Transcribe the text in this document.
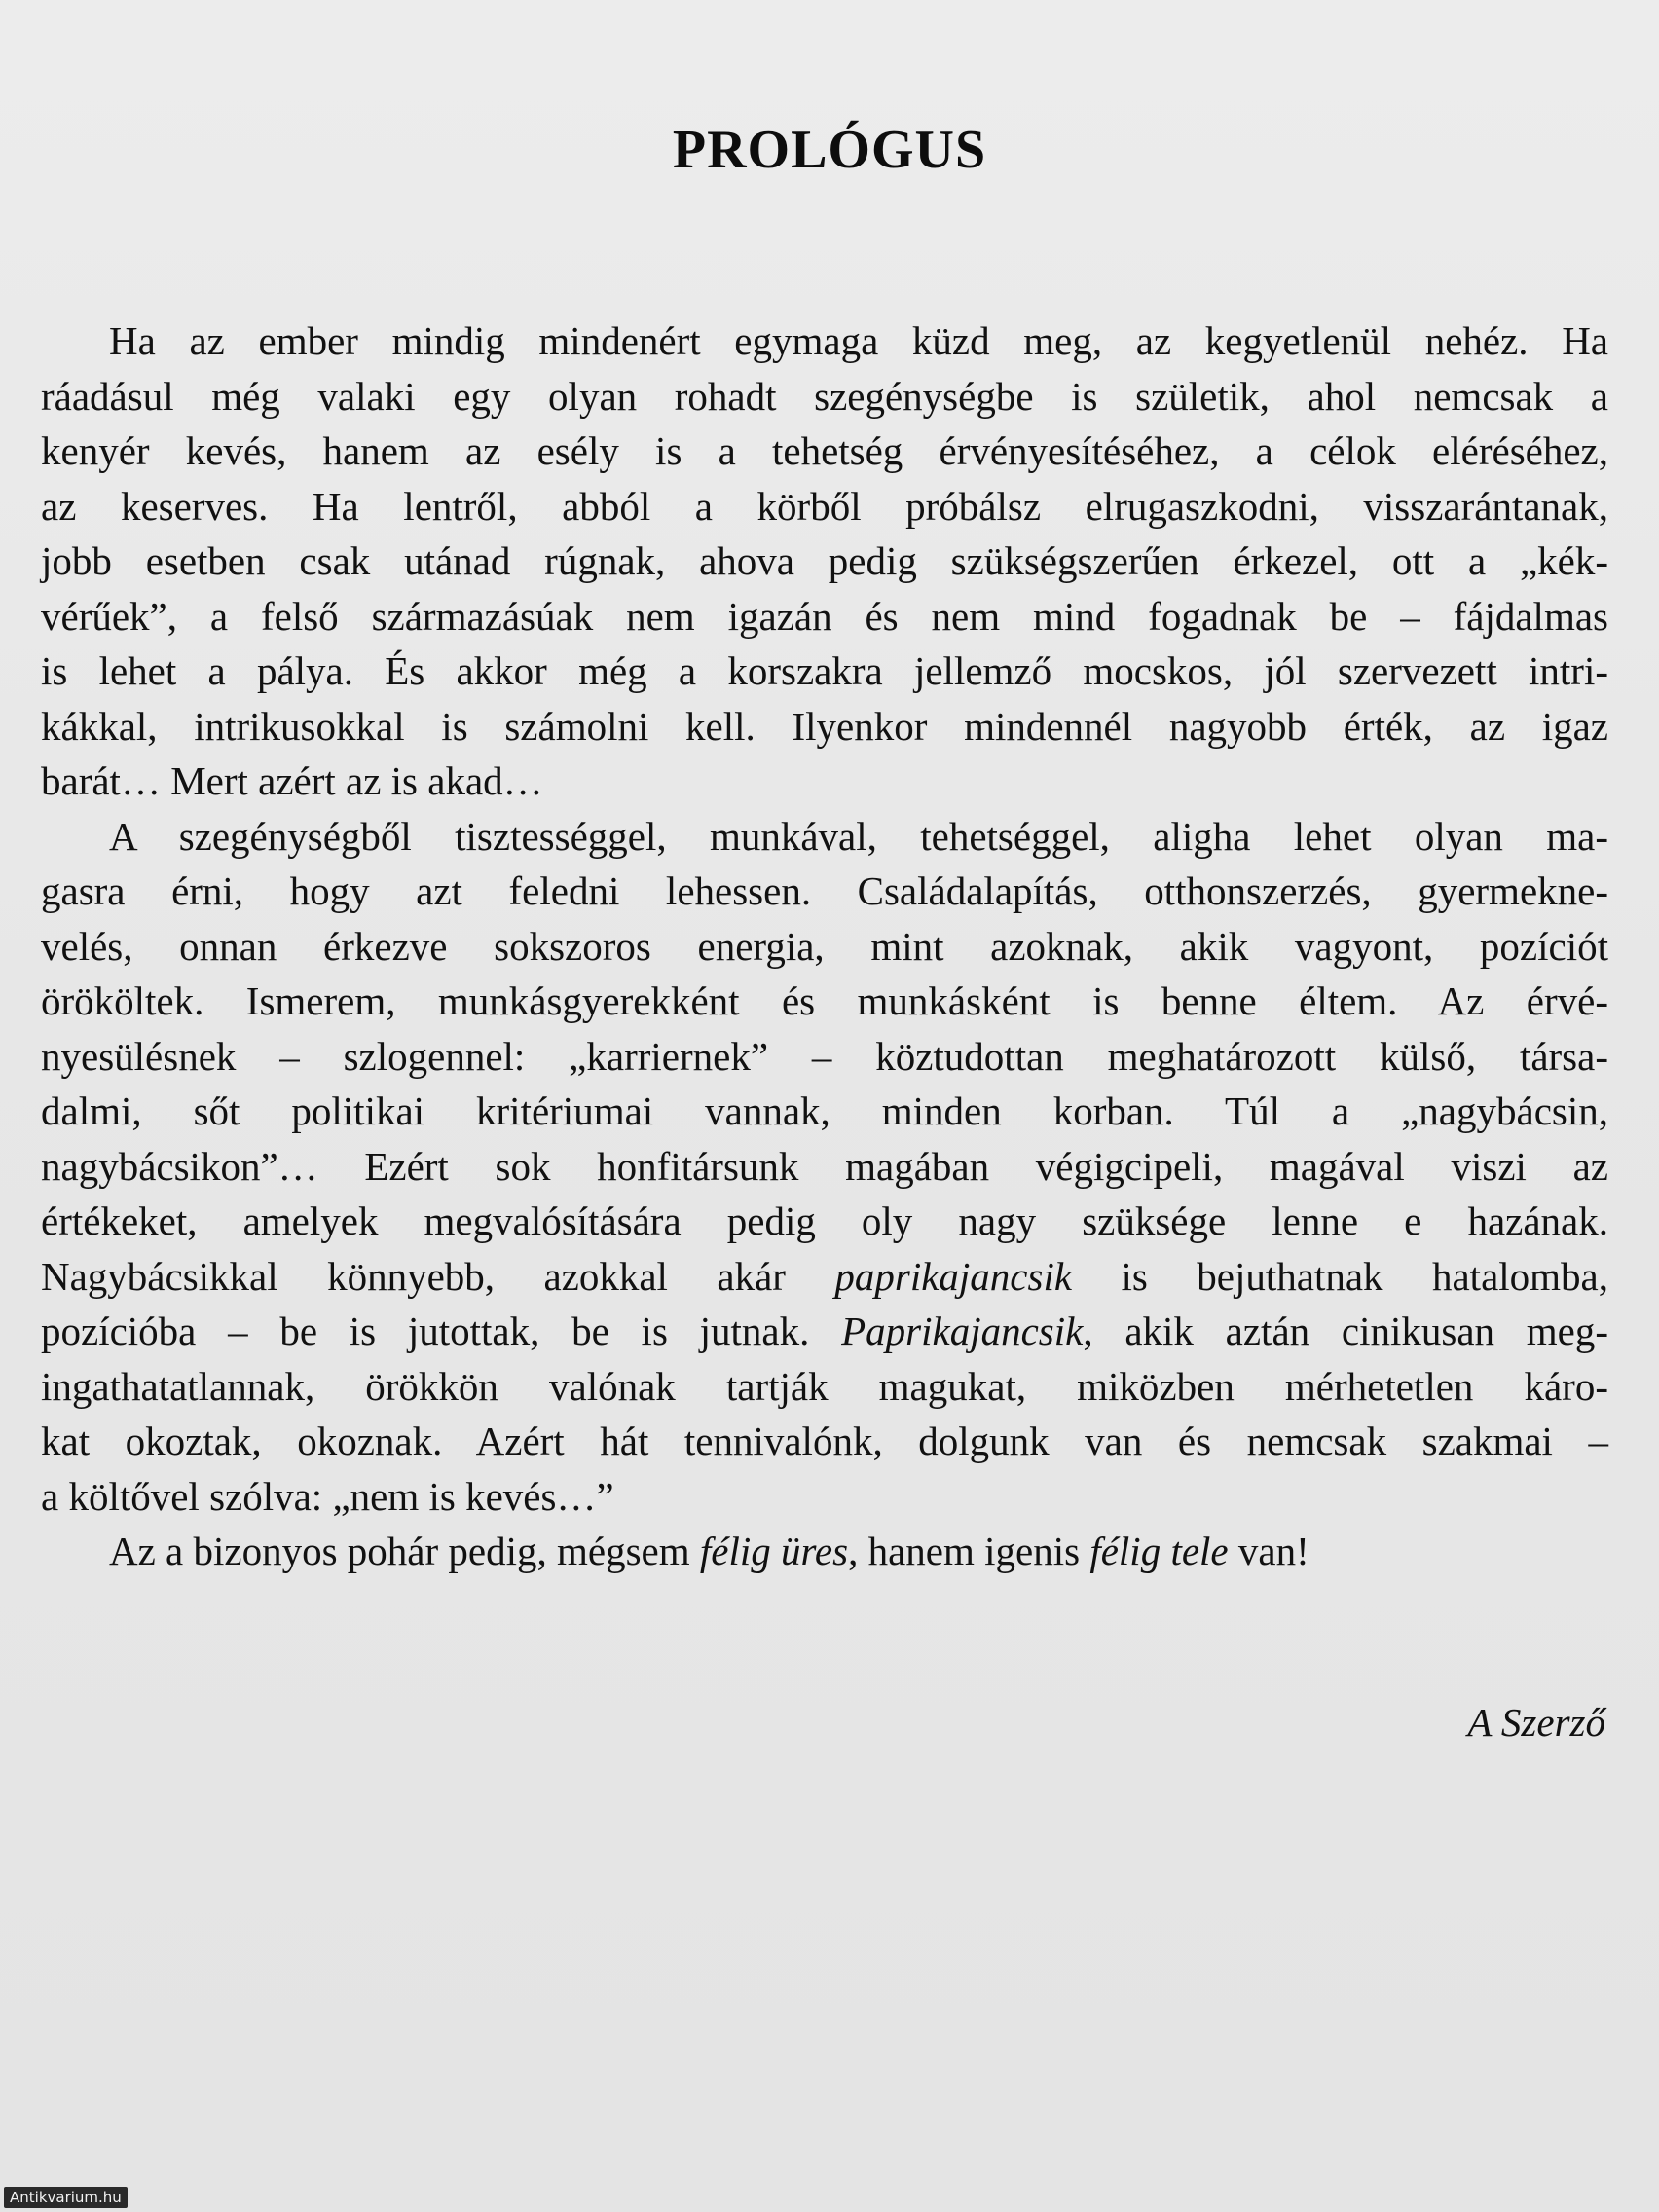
PROLÓGUS
Ha az ember mindig mindenért egymaga küzd meg, az kegyetlenül nehéz. Ha
ráadásul még valaki egy olyan rohadt szegénységbe is születik, ahol nemcsak a
kenyér kevés, hanem az esély is a tehetség érvényesítéséhez, a célok eléréséhez,
az keserves. Ha lentről, abból a körből próbálsz elrugaszkodni, visszarántanak,
jobb esetben csak utánad rúgnak, ahova pedig szükségszerűen érkezel, ott a „kék-
vérűek”, a felső származásúak nem igazán és nem mind fogadnak be – fájdalmas
is lehet a pálya. És akkor még a korszakra jellemző mocskos, jól szervezett intri-
kákkal, intrikusokkal is számolni kell. Ilyenkor mindennél nagyobb érték, az igaz
barát… Mert azért az is akad…
A szegénységből tisztességgel, munkával, tehetséggel, aligha lehet olyan ma-
gasra érni, hogy azt feledni lehessen. Családalapítás, otthonszerzés, gyermekne-
velés, onnan érkezve sokszoros energia, mint azoknak, akik vagyont, pozíciót
örököltek. Ismerem, munkásgyerekként és munkásként is benne éltem. Az érvé-
nyesülésnek – szlogennel: „karriernek” – köztudottan meghatározott külső, társa-
dalmi, sőt politikai kritériumai vannak, minden korban. Túl a „nagybácsin,
nagybácsikon”… Ezért sok honfitársunk magában végigcipeli, magával viszi az
értékeket, amelyek megvalósítására pedig oly nagy szüksége lenne e hazának.
Nagybácsikkal könnyebb, azokkal akár paprikajancsik is bejuthatnak hatalomba,
pozícióba – be is jutottak, be is jutnak. Paprikajancsik, akik aztán cinikusan meg-
ingathatatlannak, örökkön valónak tartják magukat, miközben mérhetetlen káro-
kat okoztak, okoznak. Azért hát tennivalónk, dolgunk van és nemcsak szakmai –
a költővel szólva: „nem is kevés…”
Az a bizonyos pohár pedig, mégsem félig üres, hanem igenis félig tele van!
A Szerző
Antikvarium.hu
